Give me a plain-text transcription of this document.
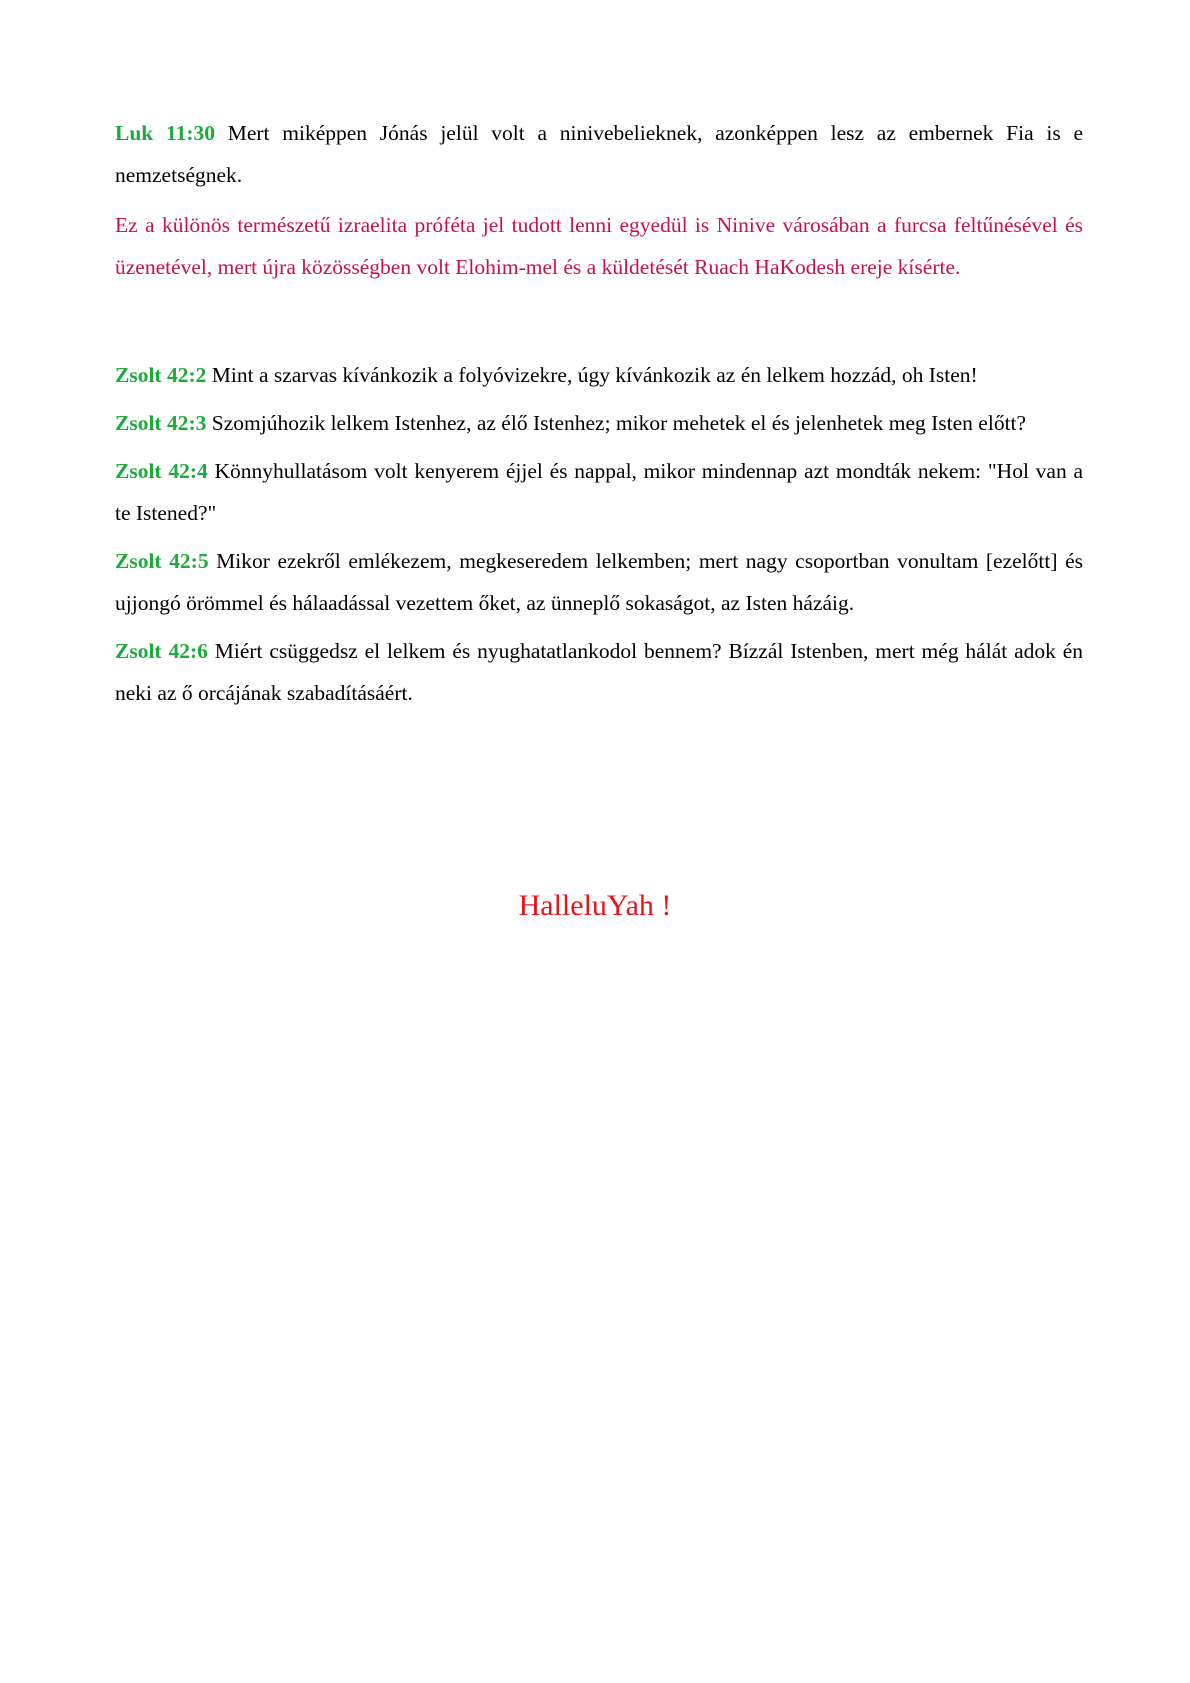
Luk 11:30 Mert miképpen Jónás jelül volt a ninivebelieknek, azonképpen lesz az embernek Fia is e nemzetségnek.

Ez a különös természetű izraelita próféta jel tudott lenni egyedül is Ninive városában a furcsa feltűnésével és üzenetével, mert újra közösségben volt Elohim-mel és a küldetését Ruach HaKodesh ereje kísérte.

Zsolt 42:2 Mint a szarvas kívánkozik a folyóvizekre, úgy kívánkozik az én lelkem hozzád, oh Isten!

Zsolt 42:3 Szomjúhozik lelkem Istenhez, az élő Istenhez; mikor mehetek el és jelenhetek meg Isten előtt?

Zsolt 42:4 Könnyhullatásom volt kenyerem éjjel és nappal, mikor mindennap azt mondták nekem: "Hol van a te Istened?"

Zsolt 42:5 Mikor ezekről emlékezem, megkeseredem lelkemben; mert nagy csoportban vonultam [ezelőtt] és ujjongó örömmel és hálaadással vezettem őket, az ünneplő sokaságot, az Isten házáig.

Zsolt 42:6 Miért csüggedsz el lelkem és nyughatatlankodol bennem? Bízzál Istenben, mert még hálát adok én neki az ő orcájának szabadításáért.

HalleluYah !
